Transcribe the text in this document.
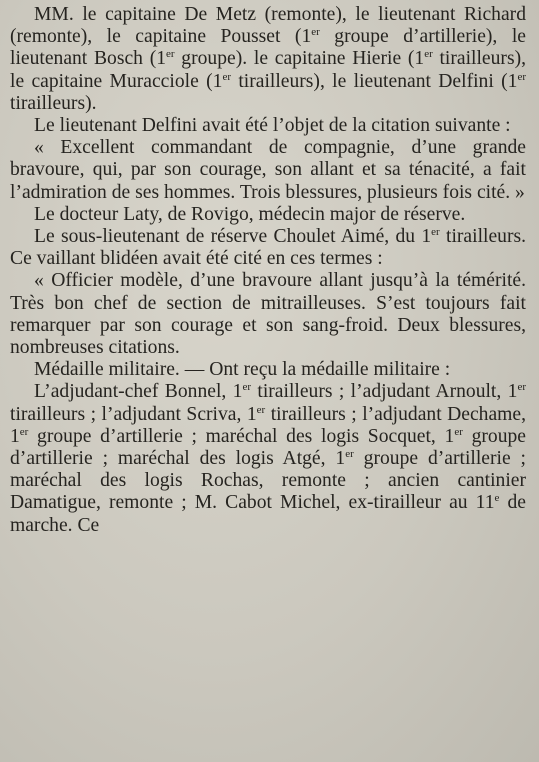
MM. le capitaine De Metz (remonte), le lieutenant Richard (remonte), le capitaine Pousset (1er groupe d’artillerie), le lieutenant Bosch (1er groupe). le capitaine Hierie (1er tirailleurs), le capitaine Muracciole (1er tirailleurs), le lieutenant Delfini (1er tirailleurs).

Le lieutenant Delfini avait été l’objet de la citation suivante :

« Excellent commandant de compagnie, d’une grande bravoure, qui, par son courage, son allant et sa ténacité, a fait l’admiration de ses hommes. Trois blessures, plusieurs fois cité. »

Le docteur Laty, de Rovigo, médecin major de réserve.

Le sous-lieutenant de réserve Choulet Aimé, du 1er tirailleurs. Ce vaillant blidéen avait été cité en ces termes :

« Officier modèle, d’une bravoure allant jusqu’à la témérité. Très bon chef de section de mitrailleuses. S’est toujours fait remarquer par son courage et son sang-froid. Deux blessures, nombreuses citations.

Médaille militaire. — Ont reçu la médaille militaire :

L’adjudant-chef Bonnel, 1er tirailleurs ; l’adjudant Arnoult, 1er tirailleurs ; l’adjudant Scriva, 1er tirailleurs ; l’adjudant Dechame, 1er groupe d’artillerie ; maréchal des logis Socquet, 1er groupe d’artillerie ; maréchal des logis Atgé, 1er groupe d’artillerie ; maréchal des logis Rochas, remonte ; ancien cantinier Damatigue, remonte ; M. Cabot Michel, ex-tirailleur au 11e de marche. Ce
